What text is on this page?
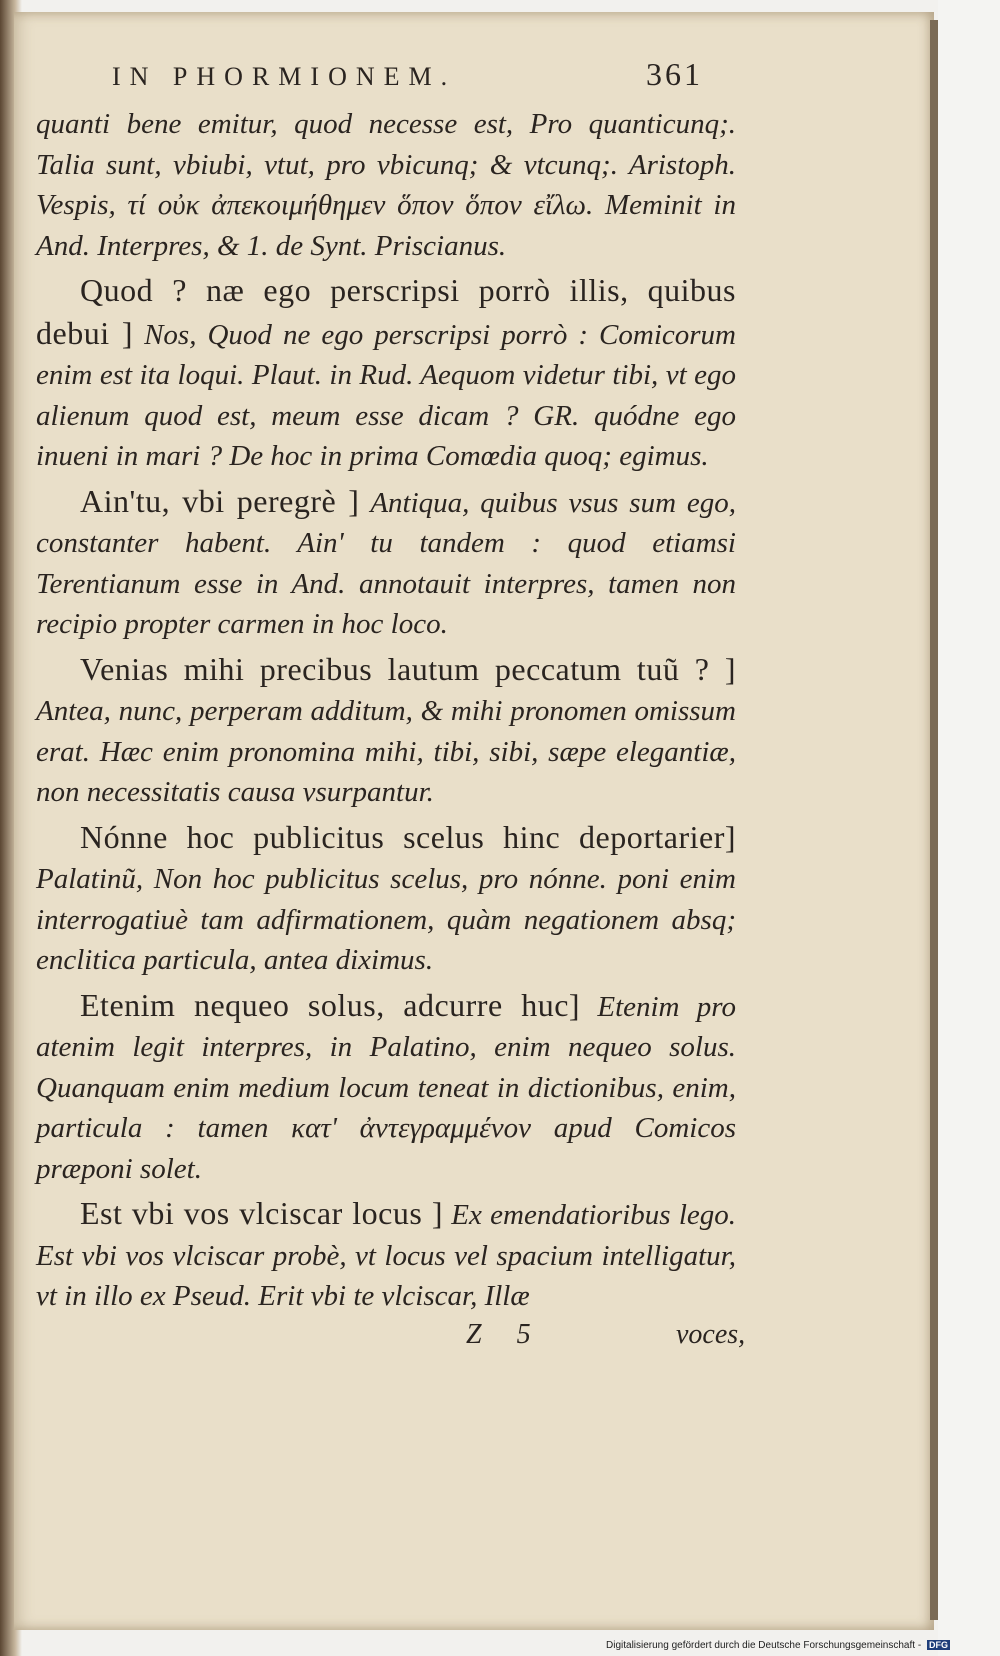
IN PHORMIONEM.	361

quanti bene emitur, quod necesse est, Pro quanticunq;. Talia sunt, vbiubi, vtut, pro vbicunq; & vtcunq;. Aristoph. Vespis, τί οὐκ ἀπεκοιμήθημεν ὅπον ὅπον εἴλω. Meminit in And. Interpres, & 1. de Synt. Priscianus.

Quod ? næ ego perscripsi porrò illis, quibus debui ] Nos, Quod ne ego perscripsi porrò : Comicorum enim est ita loqui. Plaut. in Rud. Aequom videtur tibi, vt ego alienum quod est, meum esse dicam ? GR. quódne ego inueni in mari ? De hoc in prima Comœdia quoq; egimus.

Ain'tu, vbi peregrè ] Antiqua, quibus vsus sum ego, constanter habent. Ain' tu tandem : quod etiamsi Terentianum esse in And. annotauit interpres, tamen non recipio propter carmen in hoc loco.

Venias mihi precibus lautum peccatum tuũ ? ] Antea, nunc, perperam additum, & mihi pronomen omissum erat. Hæc enim pronomina mihi, tibi, sibi, sæpe elegantiæ, non necessitatis causa vsurpantur.

Nónne hoc publicitus scelus hinc deportarier] Palatinũ, Non hoc publicitus scelus, pro nónne. poni enim interrogatiuè tam adfirmationem, quàm negationem absq; enclitica particula, antea diximus.

Etenim nequeo solus, adcurre huc] Etenim pro atenim legit interpres, in Palatino, enim nequeo solus. Quanquam enim medium locum teneat in dictionibus, enim, particula : tamen κατ' ἀντεγραμμένον apud Comicos præponi solet.

Est vbi vos vlciscar locus ] Ex emendatioribus lego. Est vbi vos vlciscar probè, vt locus vel spacium intelligatur, vt in illo ex Pseud. Erit vbi te vlciscar, Illæ

Z 5	voces,
Digitalisierung gefördert durch die Deutsche Forschungsgemeinschaft - DFG
